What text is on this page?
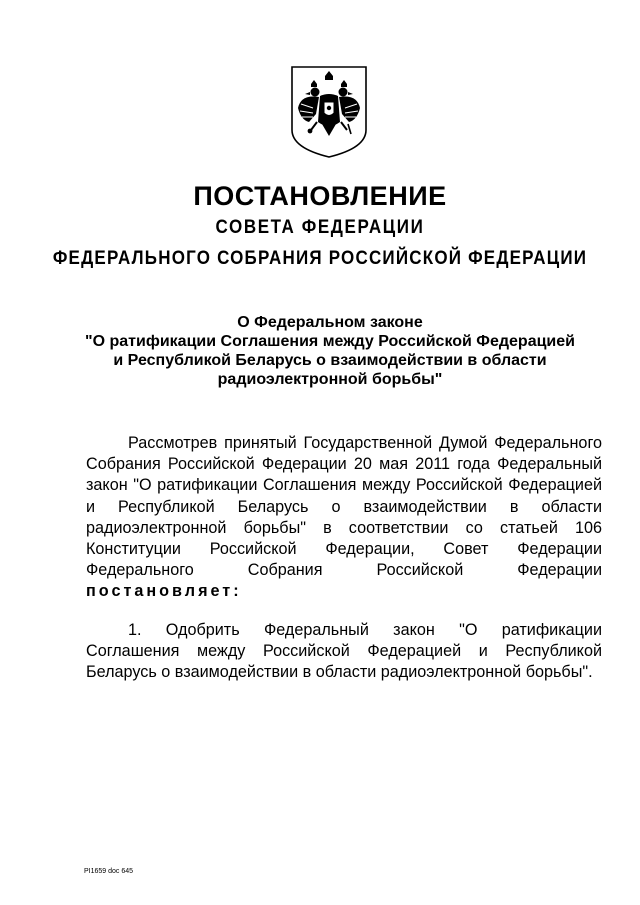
ПОСТАНОВЛЕНИЕ
СОВЕТА ФЕДЕРАЦИИ
ФЕДЕРАЛЬНОГО СОБРАНИЯ РОССИЙСКОЙ ФЕДЕРАЦИИ
О Федеральном законе
"О ратификации Соглашения между Российской Федерацией
и Республикой Беларусь о взаимодействии в области
радиоэлектронной борьбы"
Рассмотрев принятый Государственной Думой Федерального
Собрания Российской Федерации 20 мая 2011 года Федеральный
закон "О ратификации Соглашения между Российской Федерацией
и Республикой Беларусь о взаимодействии в области
радиоэлектронной борьбы" в соответствии со статьей 106
Конституции Российской Федерации, Совет Федерации
Федерального Собрания Российской Федерации
постановляет:
1. Одобрить Федеральный закон "О ратификации
Соглашения между Российской Федерацией и Республикой
Беларусь о взаимодействии в области радиоэлектронной борьбы".
РI1659 doc 645
